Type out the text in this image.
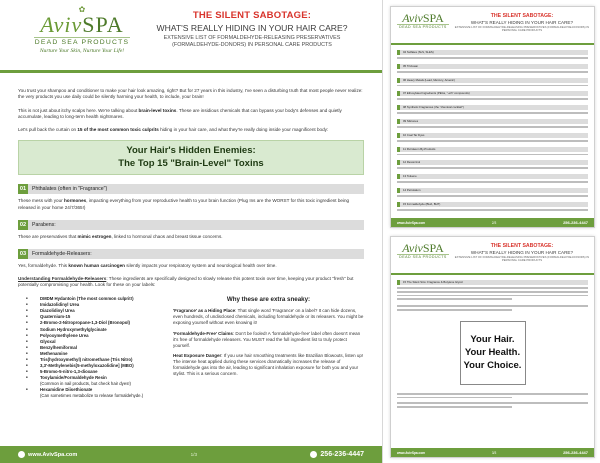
✿
AvivSPA
DEAD SEA PRODUCTS
Nurture Your Skin, Nurture Your Life!
THE SILENT SABOTAGE:
WHAT'S REALLY HIDING IN YOUR HAIR CARE?
EXTENSIVE LIST OF FORMALDEHYDE-RELEASING PRESERVATIVES (FORMALDEHYDE-DONORS) IN PERSONAL CARE PRODUCTS

You trust your shampoo and conditioner to make your hair look amazing, right? But for 27 years in this industry, I've seen a disturbing truth that most people never realize: the very products you use daily could be silently harming your health, to include, your brain!

This is not just about itchy scalps here. We're talking about brain-level toxins. These are insidious chemicals that can bypass your body's defenses and quietly accumulate, leading to long-term health nightmares.

Let's pull back the curtain on 15 of the most common toxic culprits hiding in your hair care, and what they're really doing inside your magnificent body:

Your Hair's Hidden Enemies:
The Top 15 "Brain-Level" Toxins
01	Phthalates (often in "Fragrance")
These mess with your hormones, impacting everything from your reproductive health to your brain function (Plug Ins are the WORST for this toxic ingredient being released in your home 24/7/365!)
02	Parabens:
These are preservatives that mimic estrogen, linked to hormonal chaos and breast tissue concerns.
03	Formaldehyde-Releasers:
Yes, formaldehyde. This known human carcinogen silently impacts your respiratory system and neurological health over time.
Understanding Formaldehyde-Releasers: These ingredients are specifically designed to slowly release this potent toxin over time, keeping your product "fresh" but potentially compromising your health. Look for these on your labels:
• DMDM Hydantoin (The most common culprit!)
• Imidazolidinyl Urea
• Diazolidinyl Urea
• Quaternium-15
• 2-Bromo-2-Nitropropane-1,3-Diol (Bronopol)
• Sodium Hydroxymethylglycinate
• Polyoxymethylene Urea
• Glyoxal
• Benzylhemiformal
• Methenamine
• Tris(hydroxymethyl) nitromethane (Tris Nitro)
• 3,3'-Methylenebis[5-methyloxazolidine] (MBO)
• 5-Bromo-5-nitro-1,3-dioxane
• Tosylamide/Formaldehyde Resin
(Common in nail products, but check hair dyes!)
• Hexamidine Diisethionate
(Can sometimes metabolize to release formaldehyde.)
Why these are extra sneaky:

'Fragrance' as a Hiding Place: That single word 'Fragrance' on a label? It can hide dozens, even hundreds, of undisclosed chemicals, including formaldehyde or its releasers. You might be exposing yourself without even knowing it!

'Formaldehyde-Free' Claims: Don't be fooled! A 'formaldehyde-free' label often doesn't mean it's free of formaldehyde releasers. You MUST read the full ingredient list to truly protect yourself.

Heat Exposure Danger: If you use hair smoothing treatments like Brazilian Blowouts, listen up! The intense heat applied during these services dramatically increases the release of formaldehyde gas into the air, leading to significant inhalation exposure for both you and your stylist. This is a serious concern.

www.AvivSpa.com	1/3	256-236-4447
AvivSPA
DEAD SEA PRODUCTS
THE SILENT SABOTAGE:
WHAT'S REALLY HIDING IN YOUR HAIR CARE?
EXTENSIVE LIST OF FORMALDEHYDE-RELEASING PRESERVATIVES (FORMALDEHYDE-DONORS) IN PERSONAL CARE PRODUCTS
04 Sulfates (SLS, SLES)
05 Triclosan
06 Heavy Metals (Lead, Mercury, Arsenic)
07 Ethoxylated Ingredients (PEGs, "-eth" compounds)
08 Synthetic Fragrances (the "chemical cocktail")
09 Silicones
10 Coal Tar Dyes
11 Petroleum By-Products
12 Resorcinol
13 Toluene
14 Petrolatum
15 Formaldehyde (BHA, BHT)
www.AvivSpa.com	2/3	256-236-4447
AvivSPA
DEAD SEA PRODUCTS
THE SILENT SABOTAGE:
WHAT'S REALLY HIDING IN YOUR HAIR CARE?
EXTENSIVE LIST OF FORMALDEHYDE-RELEASING PRESERVATIVES (FORMALDEHYDE-DONORS) IN PERSONAL CARE PRODUCTS
15 The Silent Sins: Fragrance & Butylene Glycol
Your Hair.
Your Health.
Your Choice.
www.AvivSpa.com	3/3	256-236-4447
